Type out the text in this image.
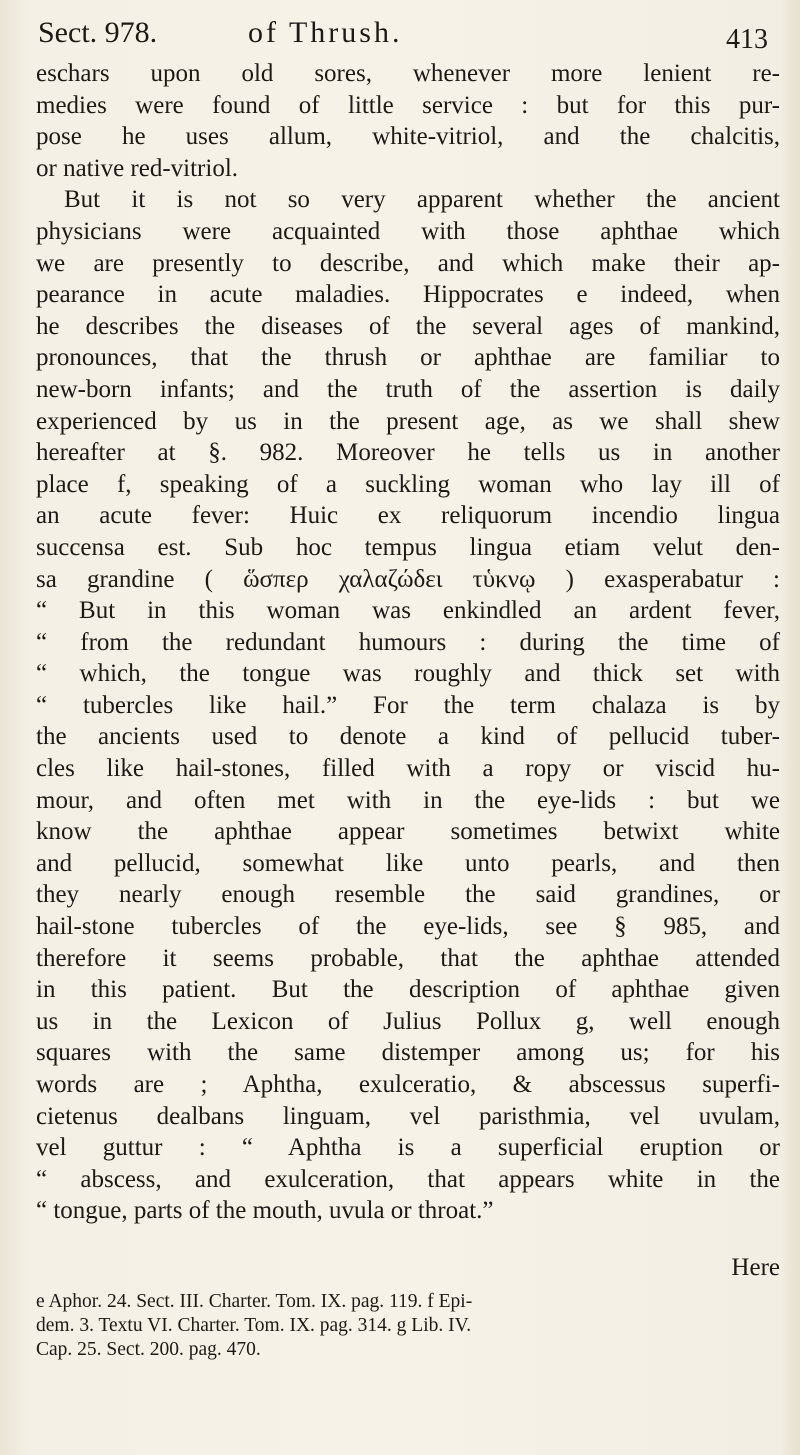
Sect. 978.	of Thrush.	413

eschars upon old sores, whenever more lenient re-

medies were found of little service : but for this pur-

pose he uses allum, white-vitriol, and the chalcitis,

or native red-vitriol.

But it is not so very apparent whether the ancient

physicians were acquainted with those aphthae which

we are presently to describe, and which make their ap-

pearance in acute maladies. Hippocrates e indeed, when

he describes the diseases of the several ages of mankind,

pronounces, that the thrush or aphthae are familiar to

new-born infants; and the truth of the assertion is daily

experienced by us in the present age, as we shall shew

hereafter at §. 982. Moreover he tells us in another

place f, speaking of a suckling woman who lay ill of

an acute fever: Huic ex reliquorum incendio lingua

succensa est. Sub hoc tempus lingua etiam velut den-

sa grandine ( ὥσπερ χαλαζώδει τὑκνῳ ) exasperabatur :

“ But in this woman was enkindled an ardent fever,

“ from the redundant humours : during the time of

“ which, the tongue was roughly and thick set with

“ tubercles like hail.” For the term chalaza is by

the ancients used to denote a kind of pellucid tuber-

cles like hail-stones, filled with a ropy or viscid hu-

mour, and often met with in the eye-lids : but we

know the aphthae appear sometimes betwixt white

and pellucid, somewhat like unto pearls, and then

they nearly enough resemble the said grandines, or

hail-stone tubercles of the eye-lids, see § 985, and

therefore it seems probable, that the aphthae attended

in this patient. But the description of aphthae given

us in the Lexicon of Julius Pollux g, well enough

squares with the same distemper among us; for his

words are ; Aphtha, exulceratio, & abscessus superfi-

cietenus dealbans linguam, vel paristhmia, vel uvulam,

vel guttur : “ Aphtha is a superficial eruption or

“ abscess, and exulceration, that appears white in the

“ tongue, parts of the mouth, uvula or throat.”

Here
e Aphor. 24. Sect. III. Charter. Tom. IX. pag. 119. f Epi-
dem. 3. Textu VI. Charter. Tom. IX. pag. 314. g Lib. IV.
Cap. 25. Sect. 200. pag. 470.
